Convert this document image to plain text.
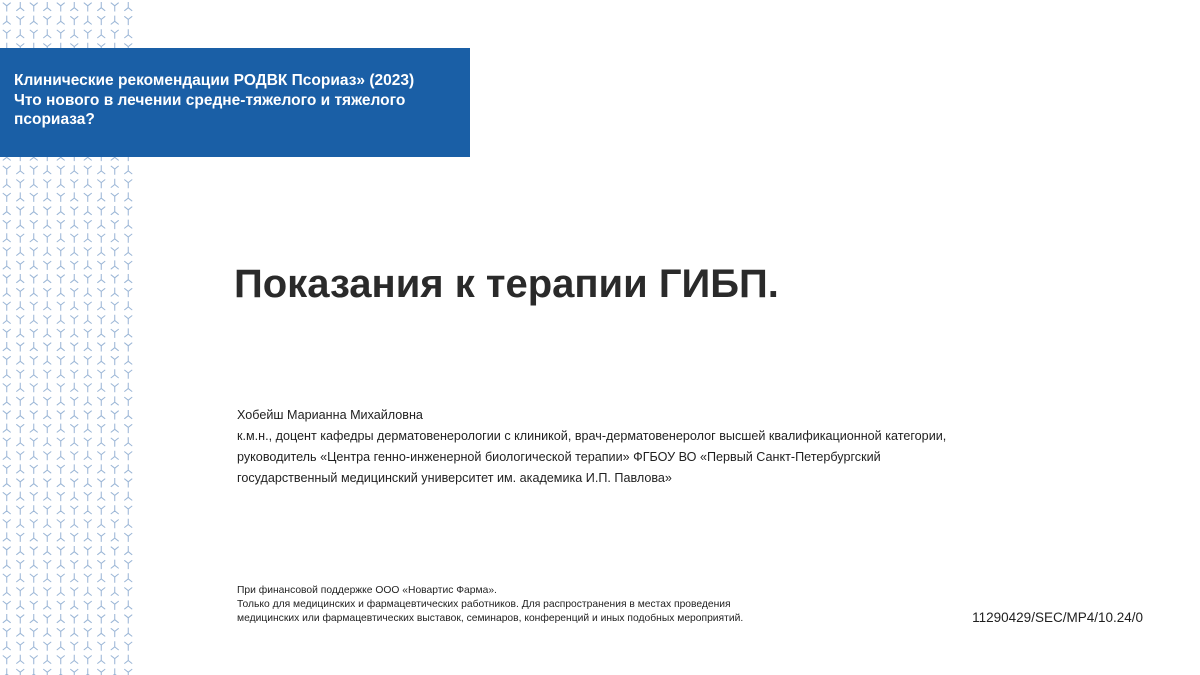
Клинические рекомендации РОДВК Псориаз» (2023)
Что нового в лечении средне-тяжелого и тяжелого
псориаза?
Показания к терапии ГИБП.
Хобейш Марианна Михайловна
к.м.н., доцент кафедры дерматовенерологии с клиникой, врач-дерматовенеролог высшей квалификационной категории,
руководитель «Центра генно-инженерной биологической терапии» ФГБОУ ВО «Первый Санкт-Петербургский
государственный медицинский университет им. академика И.П. Павлова»
При финансовой поддержке ООО «Новартис Фарма».
Только для медицинских и фармацевтических работников. Для распространения в местах проведения
медицинских или фармацевтических выставок, семинаров, конференций и иных подобных мероприятий.	11290429/SEC/MP4/10.24/0
